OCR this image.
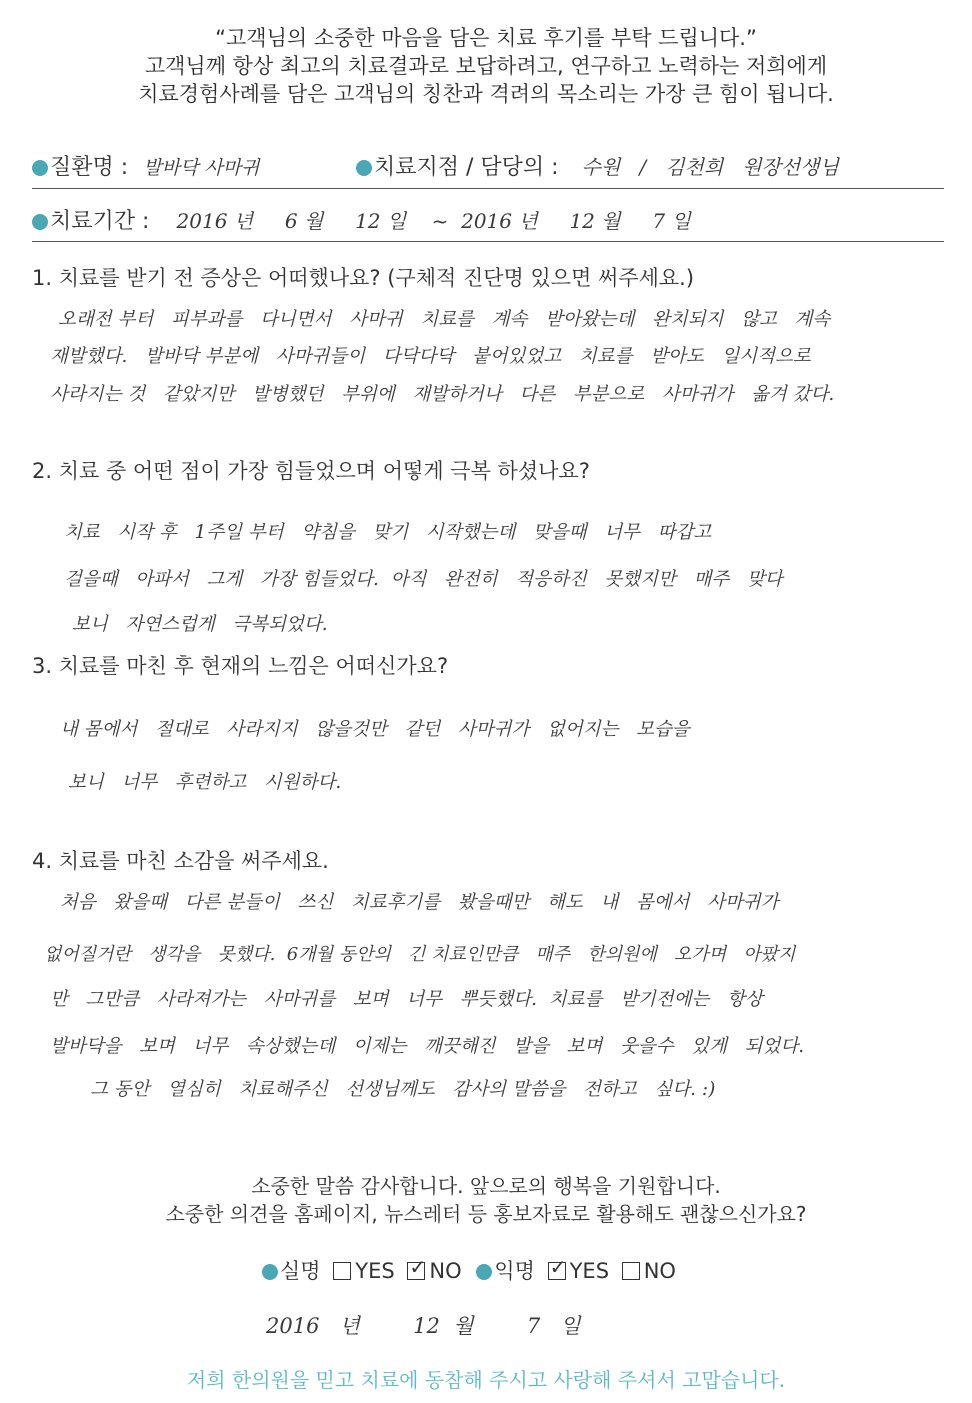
“고객님의 소중한 마음을 담은 치료 후기를 부탁 드립니다.”
고객님께 항상 최고의 치료결과로 보답하려고, 연구하고 노력하는 저희에게
치료경험사례를 담은 고객님의 칭찬과 격려의 목소리는 가장 큰 힘이 됩니다.
질환명 : 발바닥 사마귀	치료지점 / 담당의 : 수원   /   김천희   원장선생님
치료기간 : 2016 년     6 월     12 일    ~  2016 년     12 월     7 일
1. 치료를 받기 전 증상은 어떠했나요? (구체적 진단명 있으면 써주세요.)
오래전 부터   피부과를   다니면서   사마귀   치료를   계속   받아왔는데   완치되지   않고   계속
재발했다.   발바닥 부분에   사마귀들이   다닥다닥   붙어있었고   치료를   받아도   일시적으로
사라지는 것   같았지만   발병했던   부위에   재발하거나   다른   부분으로   사마귀가   옮겨 갔다.
2. 치료 중 어떤 점이 가장 힘들었으며 어떻게 극복 하셨나요?
치료   시작 후   1주일 부터   약침을   맞기   시작했는데   맞을때   너무   따갑고
걸을때   아파서   그게   가장 힘들었다.  아직   완전히   적응하진   못했지만   매주   맞다
보니   자연스럽게   극복되었다.
3. 치료를 마친 후 현재의 느낌은 어떠신가요?
내 몸에서   절대로   사라지지   않을것만   같던   사마귀가   없어지는   모습을
보니   너무   후련하고   시원하다.
4. 치료를 마친 소감을 써주세요.
처음   왔을때   다른 분들이   쓰신   치료후기를   봤을때만   해도   내   몸에서   사마귀가
없어질거란   생각을   못했다.  6개월 동안의   긴 치료인만큼   매주   한의원에   오가며   아팠지
만   그만큼   사라져가는   사마귀를   보며   너무   뿌듯했다.  치료를   받기전에는   항상
발바닥을   보며   너무   속상했는데   이제는   깨끗해진   발을   보며   웃을수   있게   되었다.
그 동안   열심히   치료해주신   선생님께도   감사의 말씀을   전하고   싶다. :)
소중한 말씀 감사합니다. 앞으로의 행복을 기원합니다.
소중한 의견을 홈페이지, 뉴스레터 등 홍보자료로 활용해도 괜찮으신가요?
실명 YES ✓ NO 익명 ✓ YES NO
2016   년        12  월        7   일
저희 한의원을 믿고 치료에 동참해 주시고 사랑해 주셔서 고맙습니다.
